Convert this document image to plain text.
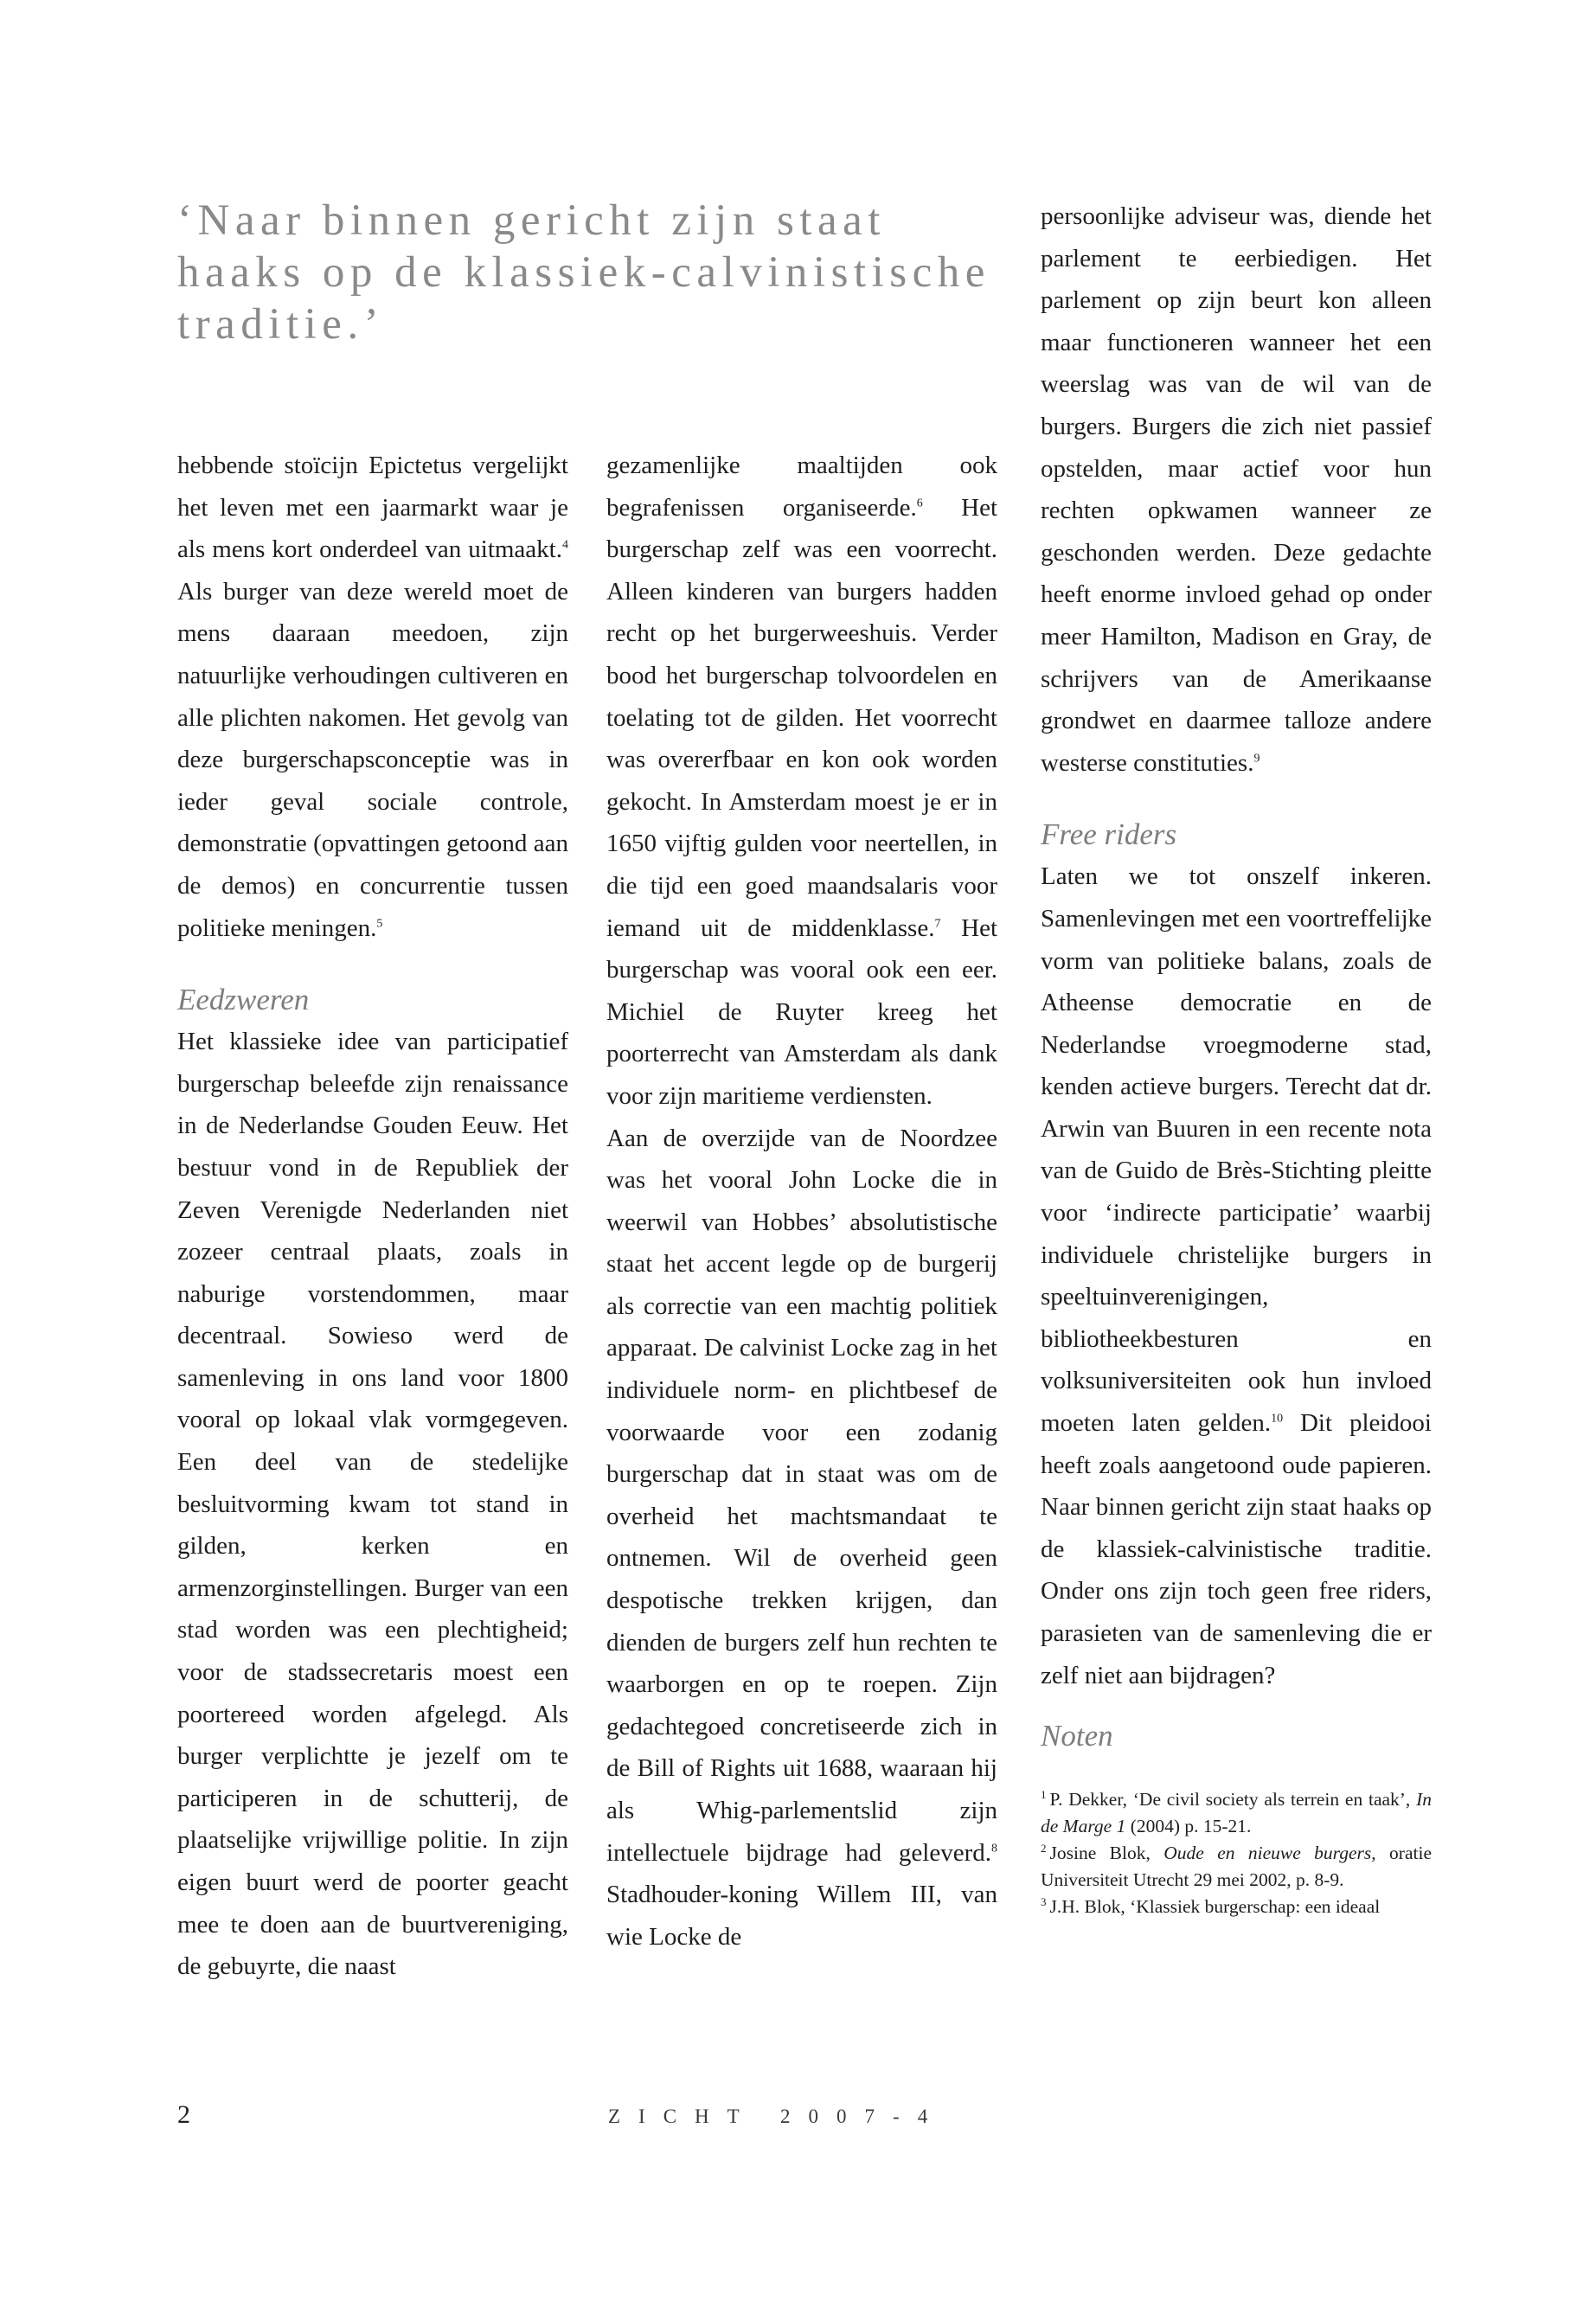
‘Naar binnen gericht zijn staat haaks op de klassiek-calvinistische traditie.’

hebbende stoïcijn Epictetus vergelijkt het leven met een jaarmarkt waar je als mens kort onderdeel van uitmaakt.$^4$ Als burger van deze wereld moet de mens daaraan meedoen, zijn natuurlijke verhoudingen cultiveren en alle plichten nakomen. Het gevolg van deze burgerschapsconceptie was in ieder geval sociale controle, demonstratie (opvattingen getoond aan de demos) en concurrentie tussen politieke meningen.$^5$

Eedzweren

Het klassieke idee van participatief burgerschap beleefde zijn renaissance in de Nederlandse Gouden Eeuw. Het bestuur vond in de Republiek der Zeven Verenigde Nederlanden niet zozeer centraal plaats, zoals in naburige vorstendommen, maar decentraal. Sowieso werd de samenleving in ons land voor 1800 vooral op lokaal vlak vormgegeven. Een deel van de stedelijke besluitvorming kwam tot stand in gilden, kerken en armenzorginstellingen. Burger van een stad worden was een plechtigheid; voor de stadssecretaris moest een poortereed worden afgelegd. Als burger verplichtte je jezelf om te participeren in de schutterij, de plaatselijke vrijwillige politie. In zijn eigen buurt werd de poorter geacht mee te doen aan de buurtvereniging, de gebuyrte, die naast

gezamenlijke maaltijden ook begrafenissen organiseerde.$^6$ Het burgerschap zelf was een voorrecht. Alleen kinderen van burgers hadden recht op het burgerweeshuis. Verder bood het burgerschap tolvoordelen en toelating tot de gilden. Het voorrecht was overerfbaar en kon ook worden gekocht. In Amsterdam moest je er in 1650 vijftig gulden voor neertellen, in die tijd een goed maandsalaris voor iemand uit de middenklasse.$^7$ Het burgerschap was vooral ook een eer. Michiel de Ruyter kreeg het poorterrecht van Amsterdam als dank voor zijn maritieme verdiensten.

Aan de overzijde van de Noordzee was het vooral John Locke die in weerwil van Hobbes’ absolutistische staat het accent legde op de burgerij als correctie van een machtig politiek apparaat. De calvinist Locke zag in het individuele norm- en plichtbesef de voorwaarde voor een zodanig burgerschap dat in staat was om de overheid het machtsmandaat te ontnemen. Wil de overheid geen despotische trekken krijgen, dan dienden de burgers zelf hun rechten te waarborgen en op te roepen. Zijn gedachtegoed concretiseerde zich in de Bill of Rights uit 1688, waaraan hij als Whig-parlementslid zijn intellectuele bijdrage had geleverd.$^8$ Stadhouder-koning Willem III, van wie Locke de

persoonlijke adviseur was, diende het parlement te eerbiedigen. Het parlement op zijn beurt kon alleen maar functioneren wanneer het een weerslag was van de wil van de burgers. Burgers die zich niet passief opstelden, maar actief voor hun rechten opkwamen wanneer ze geschonden werden. Deze gedachte heeft enorme invloed gehad op onder meer Hamilton, Madison en Gray, de schrijvers van de Amerikaanse grondwet en daarmee talloze andere westerse constituties.$^9$

Free riders

Laten we tot onszelf inkeren. Samenlevingen met een voortreffelijke vorm van politieke balans, zoals de Atheense democratie en de Nederlandse vroegmoderne stad, kenden actieve burgers. Terecht dat dr. Arwin van Buuren in een recente nota van de Guido de Brès-Stichting pleitte voor ‘indirecte participatie’ waarbij individuele christelijke burgers in speeltuinverenigingen, bibliotheekbesturen en volksuniversiteiten ook hun invloed moeten laten gelden.$^{10}$ Dit pleidooi heeft zoals aangetoond oude papieren. Naar binnen gericht zijn staat haaks op de klassiek-calvinistische traditie. Onder ons zijn toch geen free riders, parasieten van de samenleving die er zelf niet aan bijdragen?

Noten
$^1$ P. Dekker, ‘De civil society als terrein en taak’, In de Marge 1 (2004) p. 15-21.
$^2$ Josine Blok, Oude en nieuwe burgers, oratie Universiteit Utrecht 29 mei 2002, p. 8-9.
$^3$ J.H. Blok, ‘Klassiek burgerschap: een ideaal
2	ZICHT 2007-4
